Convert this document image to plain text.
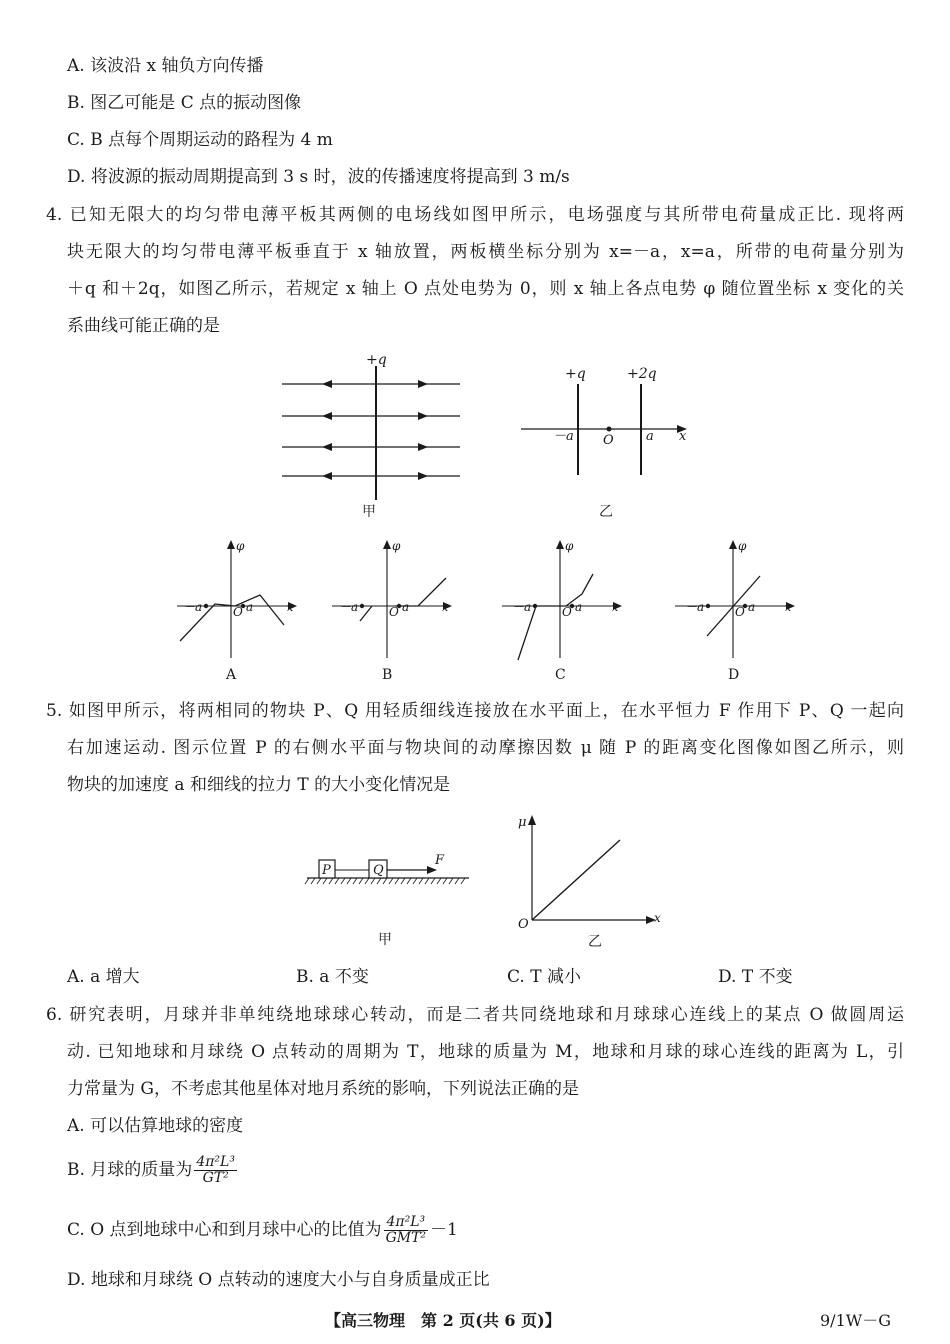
A. 该波沿 x 轴负方向传播
B. 图乙可能是 C 点的振动图像
C. B 点每个周期运动的路程为 4 m
D. 将波源的振动周期提高到 3 s 时，波的传播速度将提高到 3 m/s
4. 已知无限大的均匀带电薄平板其两侧的电场线如图甲所示，电场强度与其所带电荷量成正比. 现将两
块无限大的均匀带电薄平板垂直于 x 轴放置，两板横坐标分别为 x=－a，x=a，所带的电荷量分别为
＋q 和＋2q，如图乙所示，若规定 x 轴上 O 点处电势为 0，则 x 轴上各点电势 φ 随位置坐标 x 变化的关
系曲线可能正确的是
+q
甲
+q	+2q
－a O a x
乙
φ
－a	O a	x
A
φ
－a	O a	x
B
φ
－a	O a	x
C
φ
－a	O a	x
D
5. 如图甲所示，将两相同的物块 P、Q 用轻质细线连接放在水平面上，在水平恒力 F 作用下 P、Q 一起向
右加速运动. 图示位置 P 的右侧水平面与物块间的动摩擦因数 μ 随 P 的距离变化图像如图乙所示，则
物块的加速度 a 和细线的拉力 T 的大小变化情况是
P	Q
F
甲
μ
O	x
乙
A. a 增大	B. a 不变	C. T 减小	D. T 不变
6. 研究表明，月球并非单纯绕地球球心转动，而是二者共同绕地球和月球球心连线上的某点 O 做圆周运
动. 已知地球和月球绕 O 点转动的周期为 T，地球的质量为 M，地球和月球的球心连线的距离为 L，引
力常量为 G，不考虑其他星体对地月系统的影响，下列说法正确的是
A. 可以估算地球的密度
B. 月球的质量为 $\frac{\text{4π²L³}}{\text{GT²}}$
C. O 点到地球中心和到月球中心的比值为 $\frac{\text{4π²L³}}{\text{GMT²}} -1$
D. 地球和月球绕 O 点转动的速度大小与自身质量成正比
【高三物理　第 2 页(共 6 页)】	9/1W－G
